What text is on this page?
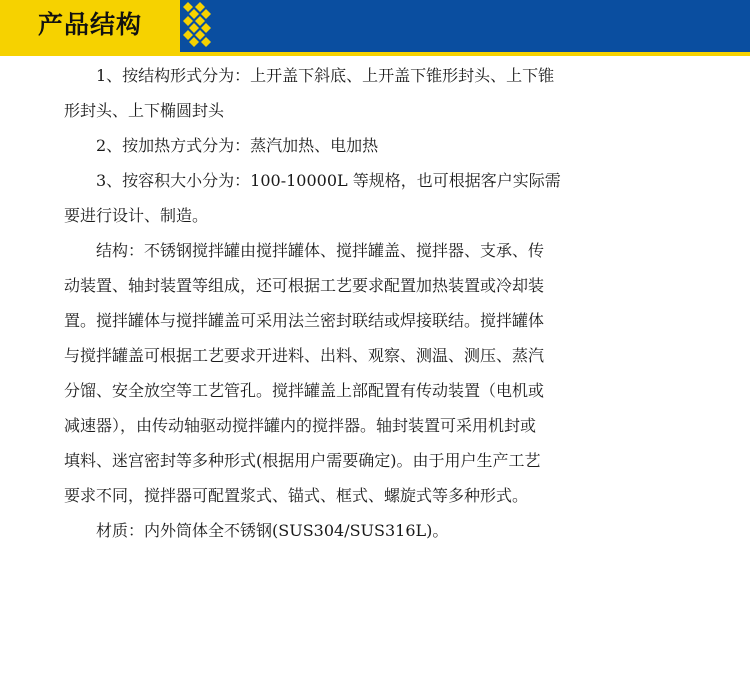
产品结构

1、按结构形式分为：上开盖下斜底、上开盖下锥形封头、上下锥
形封头、上下椭圆封头

2、按加热方式分为：蒸汽加热、电加热

3、按容积大小分为：100-10000L 等规格，也可根据客户实际需
要进行设计、制造。

结构：不锈钢搅拌罐由搅拌罐体、搅拌罐盖、搅拌器、支承、传
动装置、轴封装置等组成，还可根据工艺要求配置加热装置或冷却装
置。搅拌罐体与搅拌罐盖可采用法兰密封联结或焊接联结。搅拌罐体
与搅拌罐盖可根据工艺要求开进料、出料、观察、测温、测压、蒸汽
分馏、安全放空等工艺管孔。搅拌罐盖上部配置有传动装置（电机或
减速器），由传动轴驱动搅拌罐内的搅拌器。轴封装置可采用机封或
填料、迷宫密封等多种形式(根据用户需要确定)。由于用户生产工艺
要求不同，搅拌器可配置浆式、锚式、框式、螺旋式等多种形式。

材质：内外筒体全不锈钢(SUS304/SUS316L)。
